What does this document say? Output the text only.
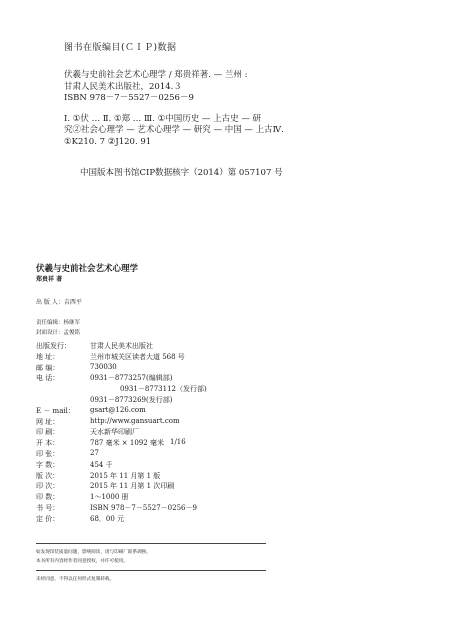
图书在版编目(ＣＩＰ)数据
伏羲与史前社会艺术心理学 / 郑贵祥著. — 兰州 :
甘肃人民美术出版社，2014.３
ISBN 978－7－5527－0256－9
Ⅰ. ①伏 … Ⅱ. ①郑 … Ⅲ. ①中国历史 — 上古史 — 研
究②社会心理学 — 艺术心理学 — 研究 — 中国 — 上古Ⅳ.
①K210. 7 ②J120. 91
中国版本图书馆CIP数据核字（2014）第 057107 号
伏羲与史前社会艺术心理学
郑贵祥 著
出 版 人：吉西平
责任编辑：杨继军
封面设计：孟俊铭
出版发行：	甘肃人民美术出版社
地 址：	兰州市城关区读者大道 568 号
邮 编：	730030
电 话：	0931－8773257(编辑部)
0931－8773112（发行部)
0931－8773269(发行部)
E － mail： gsart@126.com
网 址：	http://www.gansuart.com
印 刷：	天水新华印刷厂
开 本：	787 毫米 × 1092 毫米 1/16
印 张：	27
字 数：	454 千
版 次：	2015 年 11 月第 1 版
印 次：	2015 年 11 月第 1 次印刷
印 数：	1～1000 册
书 号：	ISBN 978－7－5527－0256－9
定 价：	68．00 元
如发现印装质量问题，影响阅读，请与印刷厂联系调换。
本书所有内容经作者同意授权，并许可使用。
未经同意，不得以任何形式复制转载。
